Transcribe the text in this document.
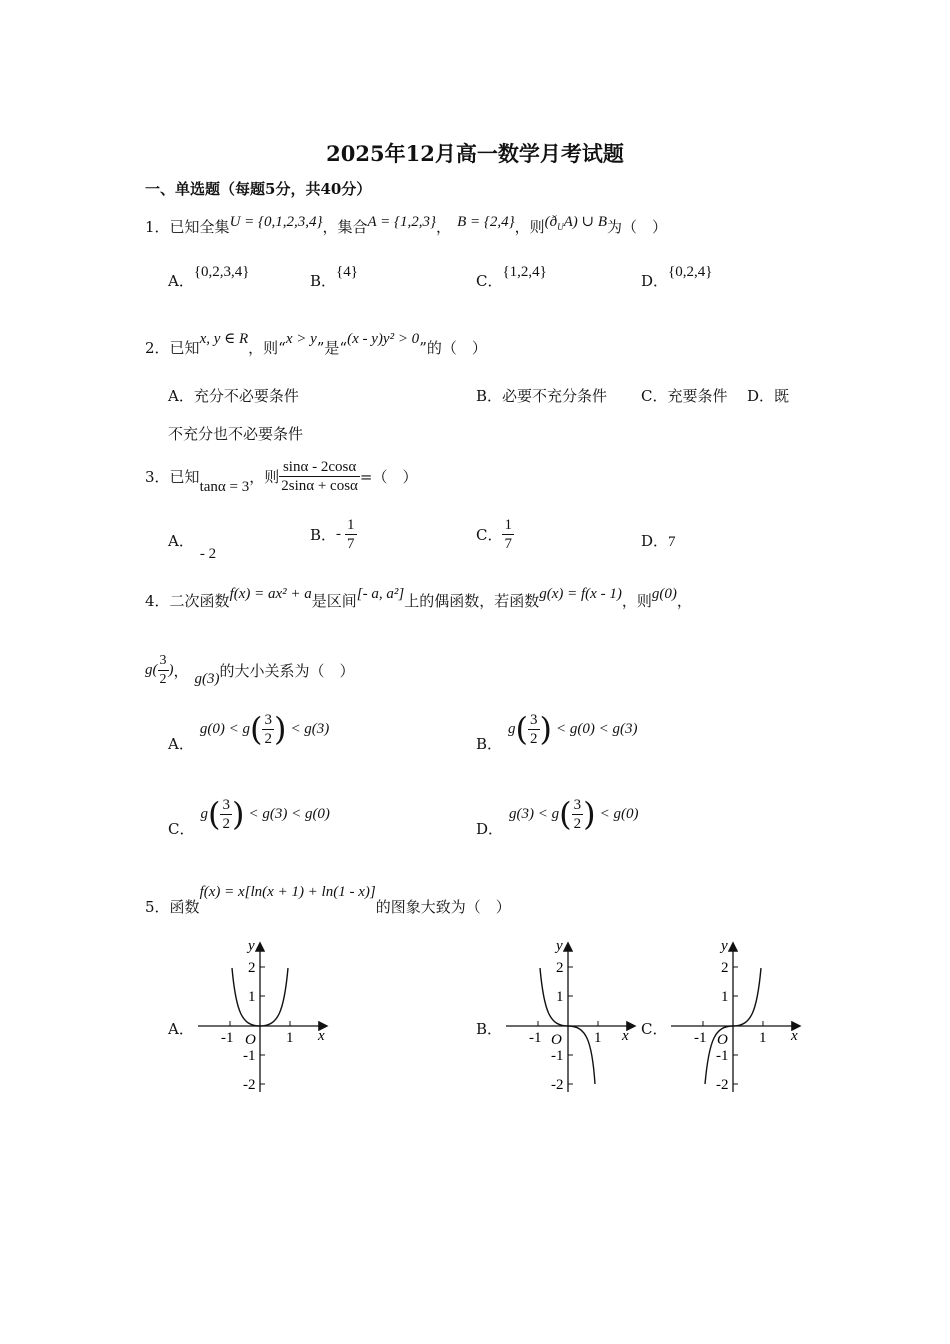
2025年12月高一数学月考试题
一、单选题（每题5分，共40分）
1．已知全集U = {0,1,2,3,4}，集合A = {1,2,3}， B = {2,4}，则$(ð_UA)$ ∪ B为（　）
A．{0,2,3,4}	B．{4}	C．{1,2,4}	D．{0,2,4}
2．已知x, y ∈ R，则“x > y”是“(x - y)y² > 0”的（　）
A．充分不必要条件	B．必要不充分条件 C．充要条件 D．既
不充分也不必要条件
3．已知tanα = 3，则 $\frac{\sin\alpha - 2\cos\alpha}{2\sin\alpha + \cos\alpha}$ =（　）
A．- 2
B．- $\frac{1}{7}$	C． $\frac{1}{7}$	D．7
4．二次函数f(x) = ax² + a是区间[- a, a²]上的偶函数，若函数g(x) = f(x - 1)，则g(0)，
$g( \frac{3}{2}$ )， g(3)的大小关系为（　）
A．$g(0) < g( \frac{3}{2}$ ) < g(3)
B．$g( \frac{3}{2}$ ) < g(0) < g(3)
C．$g( \frac{3}{2}$ ) < g(3) < g(0)
D．$g(3) < g( \frac{3}{2}$ ) < g(0)
5．函数f(x) = x[ln(x + 1) + ln(1 - x)]的图象大致为（　）
A．	B．	C．
y
x
O
2
1
-1
-2
-1	1
y
x
O
2
1
-1
-2
-1	1
y
x
O
2
1
-1
-2
-1	1
